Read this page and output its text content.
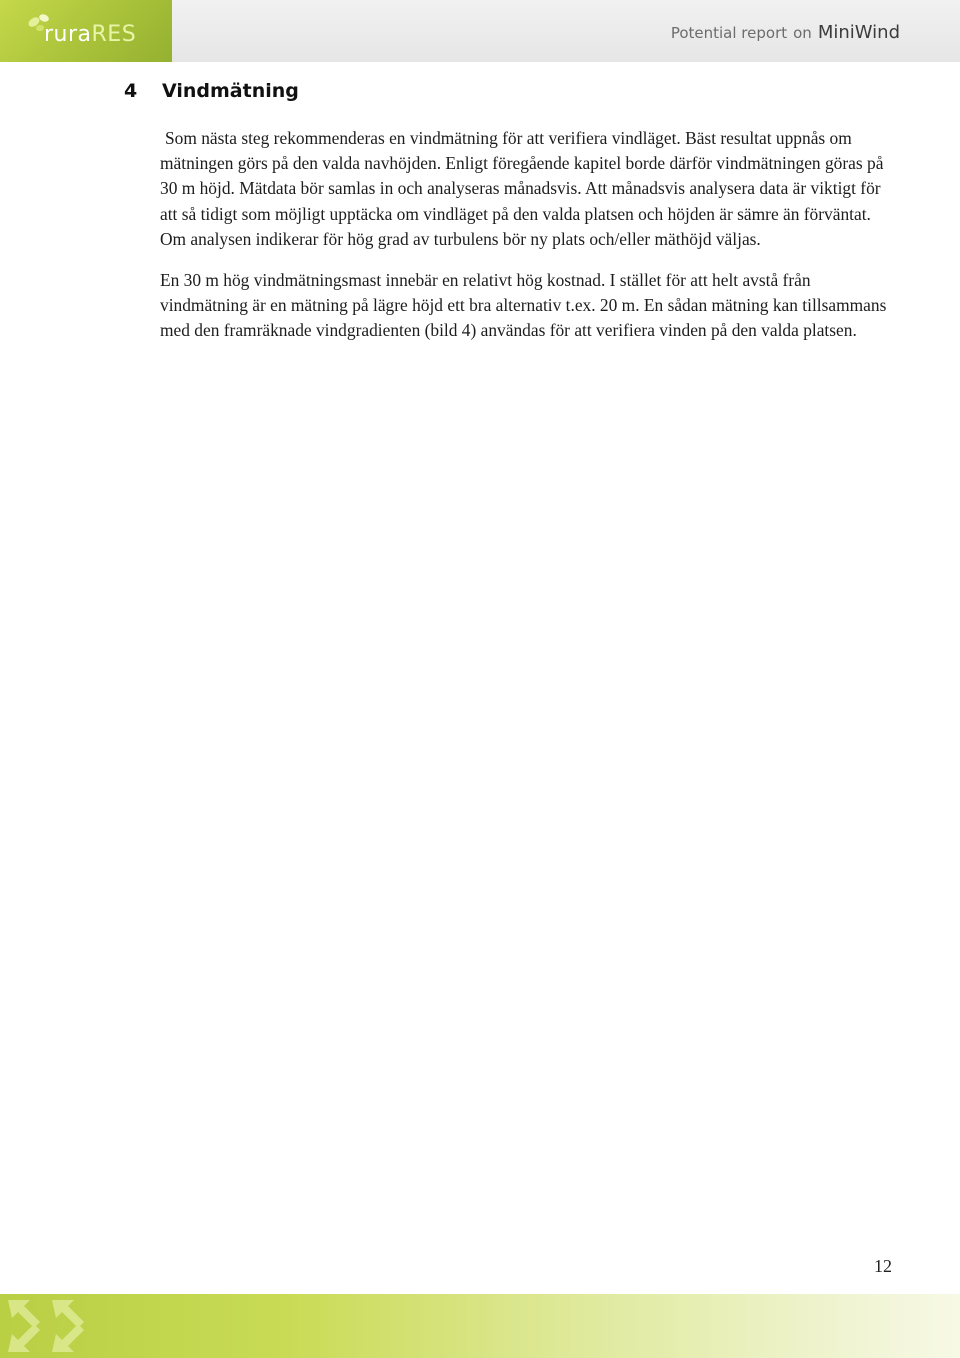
ruraRES	Potential report on MiniWind
4 Vindmätning

Som nästa steg rekommenderas en vindmätning för att verifiera vindläget. Bäst resultat uppnås om mätningen görs på den valda navhöjden. Enligt föregående kapitel borde därför vindmätningen göras på 30 m höjd. Mätdata bör samlas in och analyseras månadsvis. Att månadsvis analysera data är viktigt för att så tidigt som möjligt upptäcka om vindläget på den valda platsen och höjden är sämre än förväntat. Om analysen indikerar för hög grad av turbulens bör ny plats och/eller mäthöjd väljas.

En 30 m hög vindmätningsmast innebär en relativt hög kostnad. I stället för att helt avstå från vindmätning är en mätning på lägre höjd ett bra alternativ t.ex. 20 m. En sådan mätning kan tillsammans med den framräknade vindgradienten (bild 4) användas för att verifiera vinden på den valda platsen.

12
